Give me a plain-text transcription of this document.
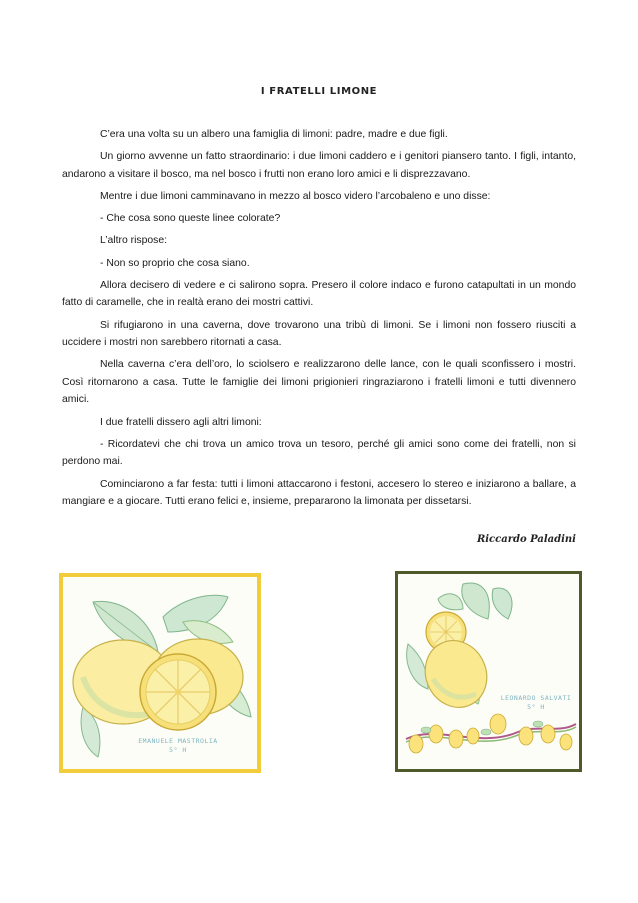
I FRATELLI LIMONE

C’era una volta su un albero una famiglia di limoni: padre, madre e due figli.

Un giorno avvenne un fatto straordinario: i due limoni caddero e i genitori piansero tanto. I figli, intanto, andarono a visitare il bosco, ma nel bosco i frutti non erano loro amici e li disprezzavano.

Mentre i due limoni camminavano in mezzo al bosco videro l’arcobaleno e uno disse:

- Che cosa sono queste linee colorate?

L’altro rispose:

- Non so proprio che cosa siano.

Allora decisero di vedere e ci salirono sopra. Presero il colore indaco e furono catapultati in un mondo fatto di caramelle, che in realtà erano dei mostri cattivi.

Si rifugiarono in una caverna, dove trovarono una tribù di limoni. Se i limoni non fossero riusciti a uccidere i mostri non sarebbero ritornati a casa.

Nella caverna c’era dell’oro, lo sciolsero e realizzarono delle lance, con le quali sconfissero i mostri. Così ritornarono a casa. Tutte le famiglie dei limoni prigionieri ringraziarono i fratelli limoni e tutti divennero amici.

I due fratelli dissero agli altri limoni:

- Ricordatevi che chi trova un amico trova un tesoro, perché gli amici sono come dei fratelli, non si perdono mai.

Cominciarono a far festa: tutti i limoni attaccarono i festoni, accesero lo stereo e iniziarono a ballare, a mangiare e a giocare. Tutti erano felici e, insieme, prepararono la limonata per dissetarsi.

Riccardo Paladini
EMANUELE MASTROLIA
5° H
LEONARDO SALVATI
5° H
